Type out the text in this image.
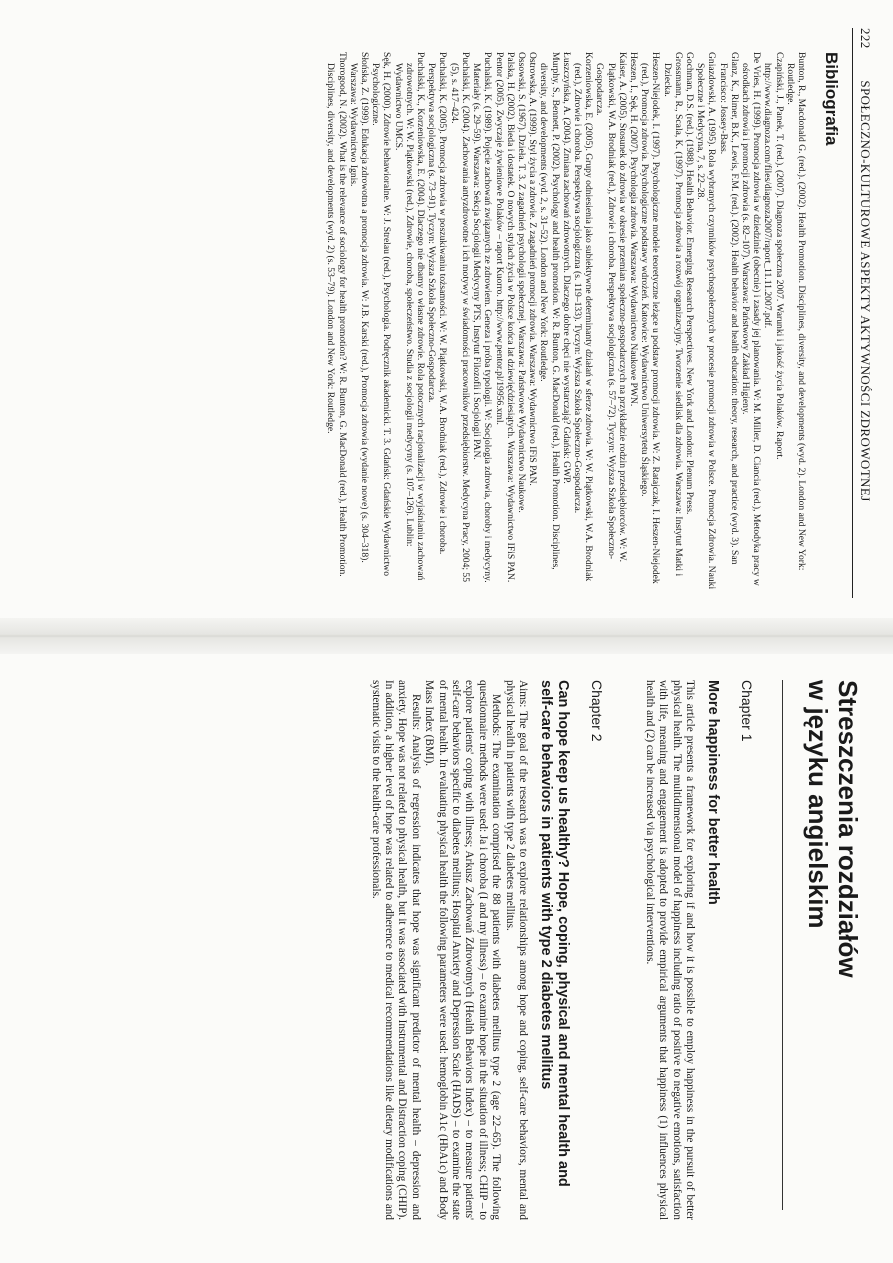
222 SPOŁECZNO-KULTUROWE ASPEKTY AKTYWNOŚCI ZDROWOTNEJ
Bibliografia

Bunton, R., Macdonald G. (red.). (2002). Health Promotion. Disciplines, diversity, and developments (wyd. 2). London and New York: Routledge.

Czapiński, J., Panek, T. (red.). (2007). Diagnoza społeczna 2007. Warunki i jakość życia Polaków. Raport. http://www.diagnoza.com/files/diagnoza2007/raport_11.11.2007.pdf.

De Vries, H. (1999). Promocja zdrowia w dziedzinie (obecnie) i zasady jej planowania. W: M. Miller, D. Ciancia (red.), Metodyka pracy w ośrodkach zdrowia i promocji zdrowia (s. 82–107). Warszawa: Państwowy Zakład Higieny.

Glanz, K., Rimer, B.K., Lewis, F.M. (red.). (2002). Health behavior and health education: theory, research, and practice (wyd. 3). San Francisco: Jossey-Bass.

Gniazdowski, A. (1995). Rola wybranych czynników psychospołecznych w procesie promocji zdrowia w Polsce. Promocja Zdrowia. Nauki Społeczne i Medycyna, 7, s. 22–28.

Gochman, D.S. (red.). (1988). Health Behavior. Emerging Research Perspectives. New York and London: Plenum Press.

Grossmann, R., Scala, K. (1997). Promocja zdrowia a rozwój organizacyjny. Tworzenie siedlisk dla zdrowia. Warszawa: Instytut Matki i Dziecka.

Heszen-Niejodek, I. (1997). Psychologiczne modele teoretyczne leżące u podstaw promocji zdrowia. W: Z. Ratajczak, I. Heszen-Niejodek (red.), Promocja zdrowia. Psychologiczne podstawy wdrożeń. Katowice: Wydawnictwo Uniwersytetu Śląskiego.

Heszen, I., Sęk, H. (2007). Psychologia zdrowia. Warszawa: Wydawnictwo Naukowe PWN.

Kaiser, A. (2005). Stosunek do zdrowia w okresie przemian społeczno-gospodarczych na przykładzie rodzin przedsiębiorców. W: W. Piątkowski, W.A. Brodniak (red.), Zdrowie i choroba. Perspektywa socjologiczna (s. 57–72). Tyczyn: Wyższa Szkoła Społeczno-Gospodarcza.

Korzeniowska, E. (2005). Grupy odniesienia jako subiektywne determinanty działań w sferze zdrowia. W: W. Piątkowski, W.A. Brodniak (red.), Zdrowie i choroba. Perspektywa socjologiczna (s. 119–133). Tyczyn: Wyższa Szkoła Społeczno-Gospodarcza.

Łuszczyńska, A. (2004). Zmiana zachowań zdrowotnych. Dlaczego dobre chęci nie wystarczają? Gdańsk: GWP.

Murphy, S., Bennett, P. (2002). Psychology and health promotion. W: R. Bunton, G. MacDonald (red.), Health Promotion. Disciplines, diversity, and developments (wyd. 2, s. 31–52). London and New York: Routledge.

Ostrowska, A. (1999). Styl życia a zdrowie. Z zagadnień promocji zdrowia. Warszawa: Wydawnictwo IFiS PAN.

Ossowski, S. (1967). Dzieła. T. 3. Z zagadnień psychologii społecznej. Warszawa: Państwowe Wydawnictwo Naukowe.

Palska, H. (2002). Bieda i dostatek. O nowych stylach życia w Polsce końca lat dziewięćdziesiątych. Warszawa: Wydawnictwo IFiS PAN.

Pentor (2005). Zwyczaje żywieniowe Polaków – raport Kuorro. http://www.pentor.pl/19956.xml.

Puchalski, K. (1989). Pojęcie zachowań związanych ze zdrowiem. Geneza i próba typologii. W: Socjologia zdrowia, choroby i medycyny. Materiały (s. 29–59). Warszawa: Sekcja Socjologii Medycyny PTS, Instytut Filozofii i Socjologii PAN.

Puchalski, K. (2004). Zachowania antyzdrowotne i ich motywy w świadomości pracowników przedsiębiorstw. Medycyna Pracy, 2004; 55 (5), s. 417–424.

Puchalski, K. (2005). Promocja zdrowia w poszukiwaniu tożsamości. W: W. Piątkowski, W.A. Brodniak (red.), Zdrowie i choroba. Perspektywa socjologiczna (s. 73–91). Tyczyn: Wyższa Szkoła Społeczno-Gospodarcza.

Puchalski, K., Korzeniowska, E. (2004). Dlaczego nie dbamy o własne zdrowie. Rola potocznych racjonalizacji w wyjaśnianiu zachowań zdrowotnych. W: W. Piątkowski (red.), Zdrowie, choroba, społeczeństwo. Studia z socjologii medycyny (s. 107–126). Lublin: Wydawnictwo UMCS.

Sęk, H. (2000). Zdrowie behawioralne. W: J. Strelau (red.), Psychologia. Podręcznik akademicki. T. 3. Gdańsk: Gdańskie Wydawnictwo Psychologiczne.

Słońska, Z. (1999). Edukacja zdrowotna a promocja zdrowia. W: J.B. Karski (red.), Promocja zdrowia (wydanie nowe) (s. 304–318). Warszawa: Wydawnictwo Ignis.

Thorogood, N. (2002). What is the relevance of sociology for health promotion? W: R. Bunton, G. MacDonald (red.), Health Promotion. Disciplines, diversity, and developments (wyd. 2) (s. 53–79). London and New York: Routledge.

Streszczenia rozdziałów
w języku angielskim
Chapter 1
More happiness for better health

This article presents a framework for exploring if and how it is possible to employ happiness in the pursuit of better physical health. The multidimensional model of happiness including ratio of positive to negative emotions, satisfaction with life, meaning and engagement is adopted to provide empirical arguments that happiness (1) influences physical health and (2) can be increased via psychological interventions.

Chapter 2
Can hope keep us healthy? Hope, coping, physical and mental health and self-care behaviors in patients with type 2 diabetes mellitus

Aims: The goal of the research was to explore relationships among hope and coping, self-care behaviors, mental and physical health in patients with type 2 diabetes mellitus.

Methods: The examination comprised the 88 patients with diabetes mellitus type 2 (age 22–65). The following questionnaire methods were used: Ja i choroba (I and my illness) – to examine hope in the situation of illness; CHIP – to explore patients' coping with illness; Arkusz Zachowań Zdrowotnych (Health Behaviors Index) – to measure patients' self-care behaviors specific to diabetes mellitus; Hospital Anxiety and Depression Scale (HADS) – to examine the state of mental health. In evaluating physical health the following parameters were used: hemoglobin A1c (HbA1c) and Body Mass Index (BMI).

Results: Analysis of regression indicates that hope was significant predictor of mental health – depression and anxiety. Hope was not related to physical health, but it was associated with Instrumental and Distraction coping (CHIP). In addition, a higher level of hope was related to adherence to medical recommendations like dietary modifications and systematic visits to the health-care professionals.
